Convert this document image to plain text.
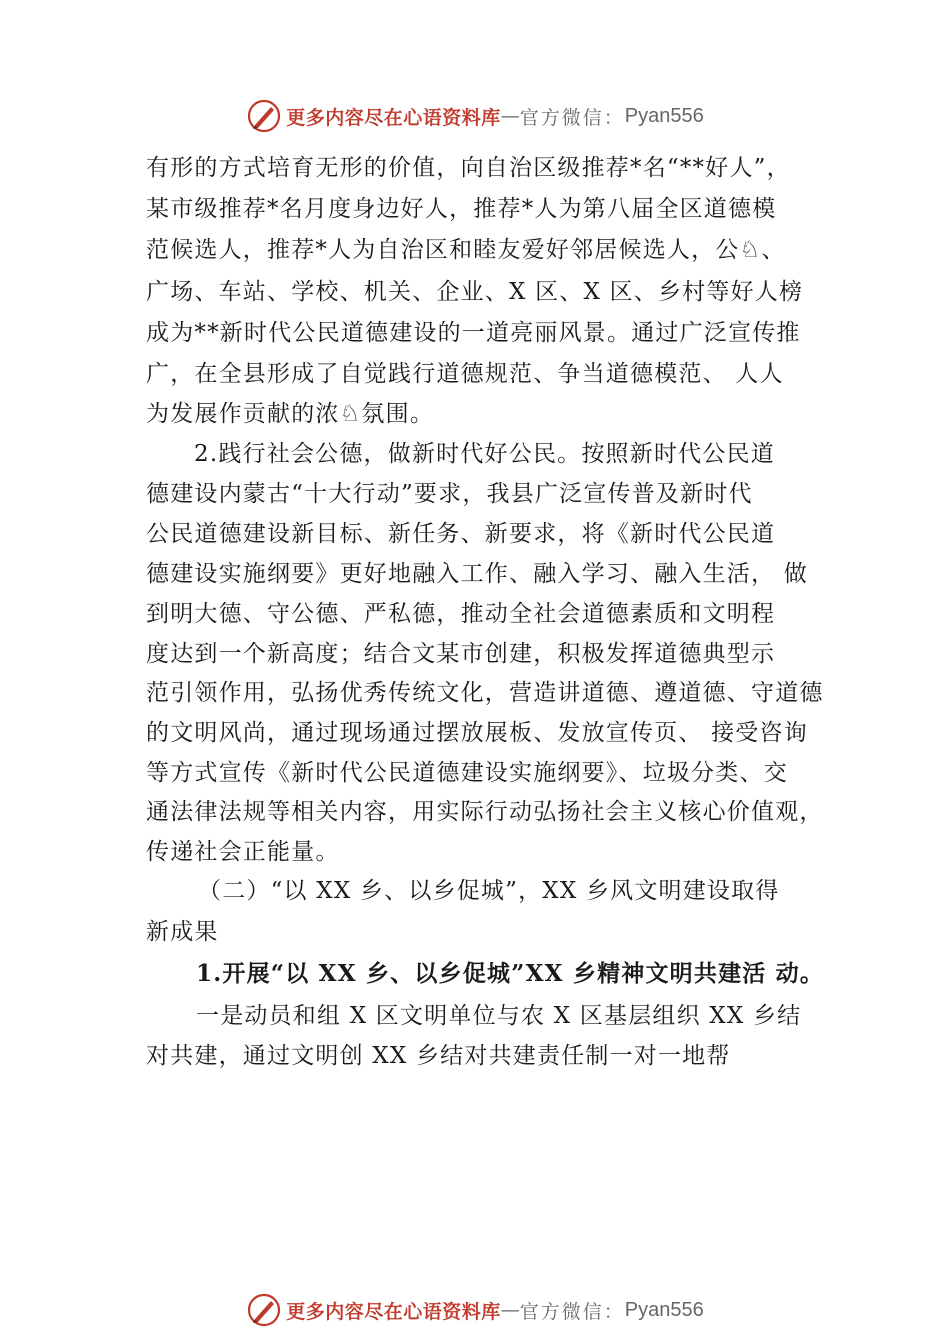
更多内容尽在心语资料库 — 官方微信： Pyan556
有形的方式培育无形的价值，向自治区级推荐*名“**好人”，
某市级推荐*名月度身边好人，推荐*人为第八届全区道德模
范候选人，推荐*人为自治区和睦友爱好邻居候选人，公♘、
广场、车站、学校、机关、企业、X 区、X 区、乡村等好人榜
成为**新时代公民道德建设的一道亮丽风景。通过广泛宣传推
广，在全县形成了自觉践行道德规范、争当道德模范、 人人
为发展作贡献的浓♘氛围。
2.践行社会公德，做新时代好公民。按照新时代公民道
德建设内蒙古“十大行动”要求，我县广泛宣传普及新时代
公民道德建设新目标、新任务、新要求，将《新时代公民道
德建设实施纲要》更好地融入工作、融入学习、融入生活， 做
到明大德、守公德、严私德，推动全社会道德素质和文明程
度达到一个新高度；结合文某市创建，积极发挥道德典型示
范引领作用，弘扬优秀传统文化，营造讲道德、遵道德、守道德
的文明风尚，通过现场通过摆放展板、发放宣传页、 接受咨询
等方式宣传《新时代公民道德建设实施纲要》、垃圾分类、交
通法律法规等相关内容，用实际行动弘扬社会主义核心价值观，
传递社会正能量。
（二）“以 XX 乡、以乡促城”，XX 乡风文明建设取得
新成果
1.开展“以 XX 乡、以乡促城”XX 乡精神文明共建活 动。
一是动员和组 X 区文明单位与农 X 区基层组织 XX 乡结
对共建，通过文明创 XX 乡结对共建责任制一对一地帮
更多内容尽在心语资料库 — 官方微信： Pyan556
